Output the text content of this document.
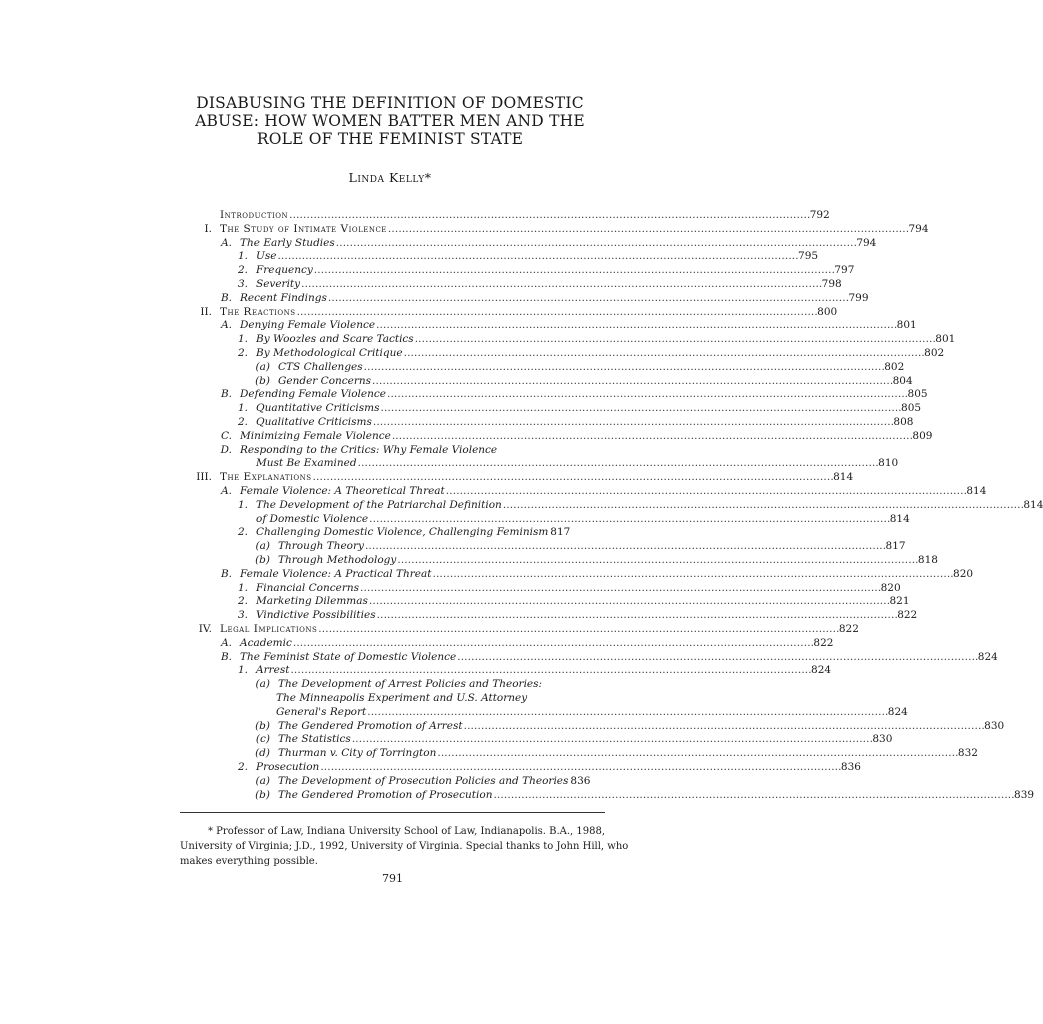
DISABUSING THE DEFINITION OF DOMESTIC
ABUSE: HOW WOMEN BATTER MEN AND THE
ROLE OF THE FEMINIST STATE
Linda Kelly*
Introduction . . .	792
I. The Study of Intimate Violence . . .	794
A. The Early Studies . . .	794
1. Use . . .	795
2. Frequency . . .	797
3. Severity . . .	798
B. Recent Findings . . .	799
II. The Reactions . . .	800
A. Denying Female Violence . . .	801
1. By Woozles and Scare Tactics . . .	801
2. By Methodological Critique . . .	802
(a) CTS Challenges . . .	802
(b) Gender Concerns . . .	804
B. Defending Female Violence . . .	805
1. Quantitative Criticisms . . .	805
2. Qualitative Criticisms . . .	808
C. Minimizing Female Violence . . .	809
D. Responding to the Critics: Why Female Violence
Must Be Examined . . .	810
III. The Explanations . . .	814
A. Female Violence: A Theoretical Threat . . .	814
1. The Development of the Patriarchal Definition . . .	814
of Domestic Violence . . .	814
2. Challenging Domestic Violence, Challenging Feminism 817
(a) Through Theory . . .	817
(b) Through Methodology . . .	818
B. Female Violence: A Practical Threat . . .	820
1. Financial Concerns . . .	820
2. Marketing Dilemmas . . .	821
3. Vindictive Possibilities . . .	822
IV. Legal Implications . . .	822
A. Academic . . .	822
B. The Feminist State of Domestic Violence . . .	824
1. Arrest . . .	824
(a) The Development of Arrest Policies and Theories:
The Minneapolis Experiment and U.S. Attorney
General's Report . . .	824
(b) The Gendered Promotion of Arrest . . .	830
(c) The Statistics . . .	830
(d) Thurman v. City of Torrington . . .	832
2. Prosecution . . .	836
(a) The Development of Prosecution Policies and Theories 836
(b) The Gendered Promotion of Prosecution . . .	839
* Professor of Law, Indiana University School of Law, Indianapolis. B.A., 1988,
University of Virginia; J.D., 1992, University of Virginia. Special thanks to John Hill, who
makes everything possible.
791
